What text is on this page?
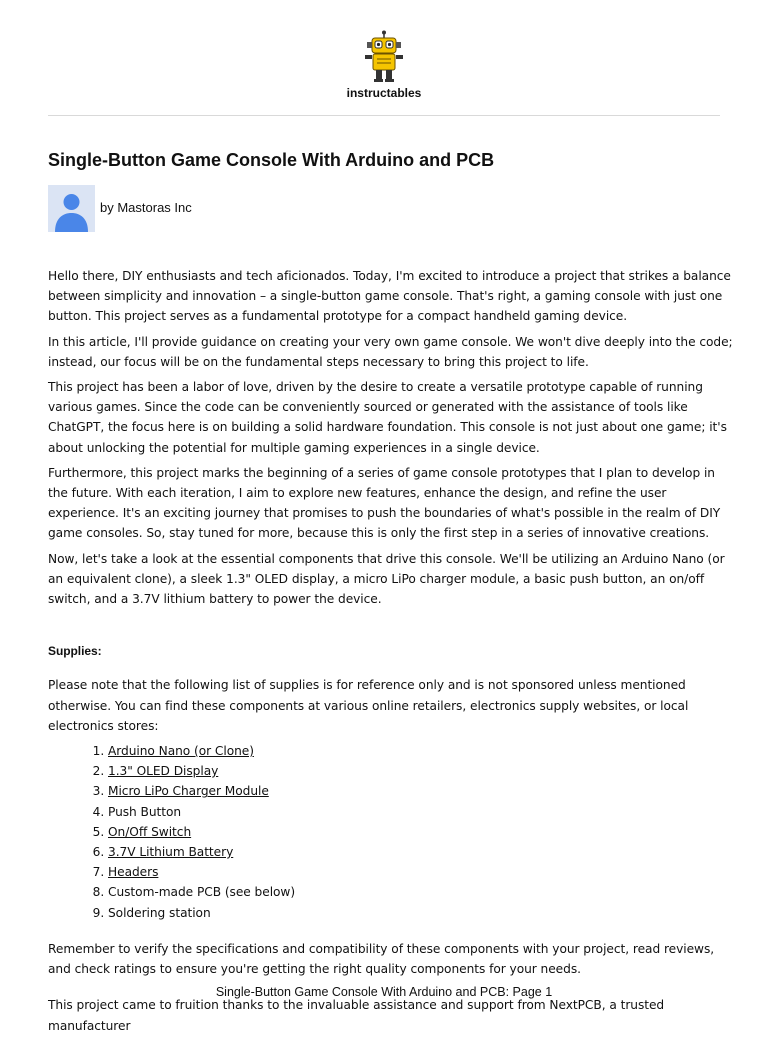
instructables
Single-Button Game Console With Arduino and PCB
by Mastoras Inc

Hello there, DIY enthusiasts and tech aficionados. Today, I'm excited to introduce a project that strikes a balance between simplicity and innovation – a single-button game console. That's right, a gaming console with just one button. This project serves as a fundamental prototype for a compact handheld gaming device.

In this article, I'll provide guidance on creating your very own game console. We won't dive deeply into the code; instead, our focus will be on the fundamental steps necessary to bring this project to life.

This project has been a labor of love, driven by the desire to create a versatile prototype capable of running various games. Since the code can be conveniently sourced or generated with the assistance of tools like ChatGPT, the focus here is on building a solid hardware foundation. This console is not just about one game; it's about unlocking the potential for multiple gaming experiences in a single device.

Furthermore, this project marks the beginning of a series of game console prototypes that I plan to develop in the future. With each iteration, I aim to explore new features, enhance the design, and refine the user experience. It's an exciting journey that promises to push the boundaries of what's possible in the realm of DIY game consoles. So, stay tuned for more, because this is only the first step in a series of innovative creations.

Now, let's take a look at the essential components that drive this console. We'll be utilizing an Arduino Nano (or an equivalent clone), a sleek 1.3" OLED display, a micro LiPo charger module, a basic push button, an on/off switch, and a 3.7V lithium battery to power the device.

Supplies:

Please note that the following list of supplies is for reference only and is not sponsored unless mentioned otherwise. You can find these components at various online retailers, electronics supply websites, or local electronics stores:

1. Arduino Nano (or Clone)
2. 1.3" OLED Display
3. Micro LiPo Charger Module
4. Push Button
5. On/Off Switch
6. 3.7V Lithium Battery
7. Headers
8. Custom-made PCB (see below)
9. Soldering station

Remember to verify the specifications and compatibility of these components with your project, read reviews, and check ratings to ensure you're getting the right quality components for your needs.

This project came to fruition thanks to the invaluable assistance and support from NextPCB, a trusted manufacturer

Single-Button Game Console With Arduino and PCB: Page 1
